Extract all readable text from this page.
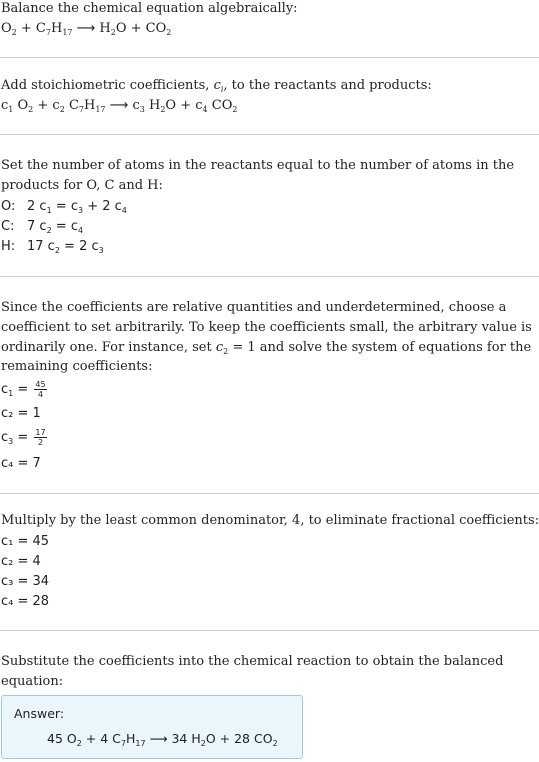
Balance the chemical equation algebraically:
$O_2 + C_7H_{17}$ ⟶ $H_2O + CO_2$
Add stoichiometric coefficients, $c_i$, to the reactants and products:
$c_1$ $O_2 + c_2$ $C_7H_{17}$ ⟶ $c_3$ $H_2O + c_4$ $CO_2$
Set the number of atoms in the reactants equal to the number of atoms in the
products for O, C and H:
O: 2 $c_1 = c_3 + 2$ $c_4$
C: 7 $c_2 = c_4$
H: 17 $c_2 = 2$ $c_3$
Since the coefficients are relative quantities and underdetermined, choose a
coefficient to set arbitrarily. To keep the coefficients small, the arbitrary value is
ordinarily one. For instance, set $c_2 = 1$ and solve the system of equations for the
remaining coefficients:
$c_1 = \frac{45}{4}$
c₂ = 1
$c_3 = \frac{17}{2}$
c₄ = 7
Multiply by the least common denominator, 4, to eliminate fractional coefficients:
c₁ = 45
c₂ = 4
c₃ = 34
c₄ = 28
Substitute the coefficients into the chemical reaction to obtain the balanced
equation:
Answer:
45 $O_2 + 4$ $C_7H_{17}$ ⟶ 34 $H_2O + 28$ $CO_2$
